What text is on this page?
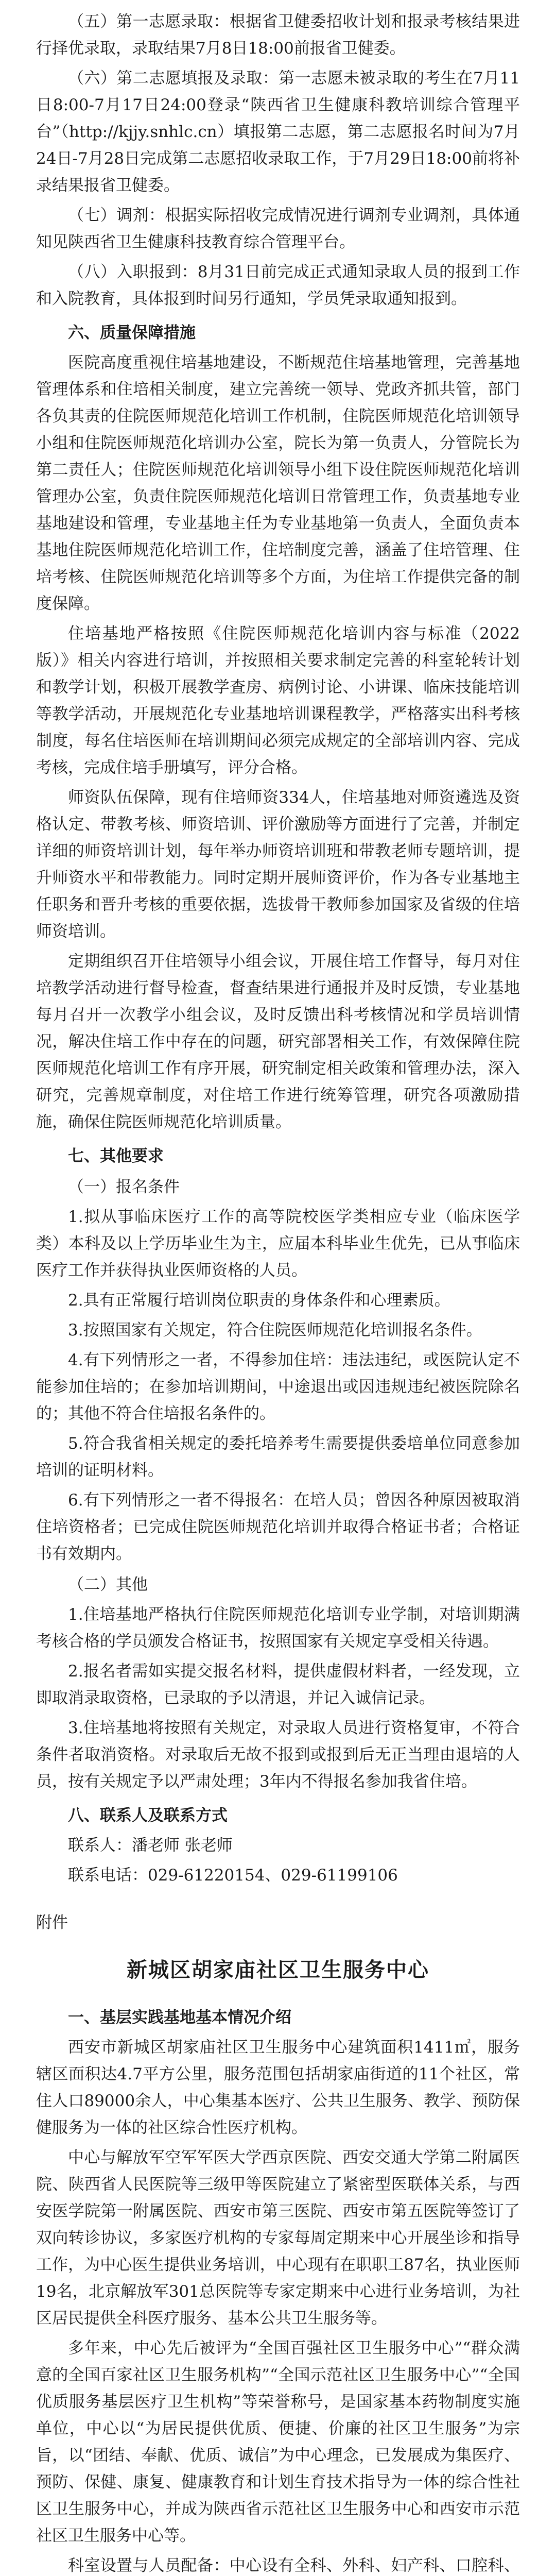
（五）第一志愿录取：根据省卫健委招收计划和报录考核结果进行择优录取，录取结果7月8日18:00前报省卫健委。
（六）第二志愿填报及录取：第一志愿未被录取的考生在7月11日8:00-7月17日24:00登录“陕西省卫生健康科教培训综合管理平台”（http://kjjy.snhlc.cn）填报第二志愿，第二志愿报名时间为7月24日-7月28日完成第二志愿招收录取工作，于7月29日18:00前将补录结果报省卫健委。
（七）调剂：根据实际招收完成情况进行调剂专业调剂，具体通知见陕西省卫生健康科技教育综合管理平台。
（八）入职报到：8月31日前完成正式通知录取人员的报到工作和入院教育，具体报到时间另行通知，学员凭录取通知报到。
六、质量保障措施
医院高度重视住培基地建设，不断规范住培基地管理，完善基地管理体系和住培相关制度，建立完善统一领导、党政齐抓共管，部门各负其责的住院医师规范化培训工作机制，住院医师规范化培训领导小组和住院医师规范化培训办公室，院长为第一负责人，分管院长为第二责任人；住院医师规范化培训领导小组下设住院医师规范化培训管理办公室，负责住院医师规范化培训日常管理工作，负责基地专业基地建设和管理，专业基地主任为专业基地第一负责人，全面负责本基地住院医师规范化培训工作，住培制度完善，涵盖了住培管理、住培考核、住院医师规范化培训等多个方面，为住培工作提供完备的制度保障。
住培基地严格按照《住院医师规范化培训内容与标准（2022版）》相关内容进行培训，并按照相关要求制定完善的科室轮转计划和教学计划，积极开展教学查房、病例讨论、小讲课、临床技能培训等教学活动，开展规范化专业基地培训课程教学，严格落实出科考核制度，每名住培医师在培训期间必须完成规定的全部培训内容、完成考核，完成住培手册填写，评分合格。
师资队伍保障，现有住培师资334人，住培基地对师资遴选及资格认定、带教考核、师资培训、评价激励等方面进行了完善，并制定详细的师资培训计划，每年举办师资培训班和带教老师专题培训，提升师资水平和带教能力。同时定期开展师资评价，作为各专业基地主任职务和晋升考核的重要依据，选拔骨干教师参加国家及省级的住培师资培训。
定期组织召开住培领导小组会议，开展住培工作督导，每月对住培教学活动进行督导检查，督查结果进行通报并及时反馈，专业基地每月召开一次教学小组会议，及时反馈出科考核情况和学员培训情况，解决住培工作中存在的问题，研究部署相关工作，有效保障住院医师规范化培训工作有序开展，研究制定相关政策和管理办法，深入研究，完善规章制度，对住培工作进行统筹管理，研究各项激励措施，确保住院医师规范化培训质量。
七、其他要求
（一）报名条件
1.拟从事临床医疗工作的高等院校医学类相应专业（临床医学类）本科及以上学历毕业生为主，应届本科毕业生优先，已从事临床医疗工作并获得执业医师资格的人员。
2.具有正常履行培训岗位职责的身体条件和心理素质。
3.按照国家有关规定，符合住院医师规范化培训报名条件。
4.有下列情形之一者，不得参加住培：违法违纪，或医院认定不能参加住培的；在参加培训期间，中途退出或因违规违纪被医院除名的；其他不符合住培报名条件的。
5.符合我省相关规定的委托培养考生需要提供委培单位同意参加培训的证明材料。
6.有下列情形之一者不得报名：在培人员；曾因各种原因被取消住培资格者；已完成住院医师规范化培训并取得合格证书者；合格证书有效期内。
（二）其他
1.住培基地严格执行住院医师规范化培训专业学制，对培训期满考核合格的学员颁发合格证书，按照国家有关规定享受相关待遇。
2.报名者需如实提交报名材料，提供虚假材料者，一经发现，立即取消录取资格，已录取的予以清退，并记入诚信记录。
3.住培基地将按照有关规定，对录取人员进行资格复审，不符合条件者取消资格。对录取后无故不报到或报到后无正当理由退培的人员，按有关规定予以严肃处理；3年内不得报名参加我省住培。
八、联系人及联系方式
联系人：潘老师 张老师
联系电话：029-61220154、029-61199106
附件
新城区胡家庙社区卫生服务中心
一、基层实践基地基本情况介绍
西安市新城区胡家庙社区卫生服务中心建筑面积1411㎡，服务辖区面积达4.7平方公里，服务范围包括胡家庙街道的11个社区，常住人口89000余人，中心集基本医疗、公共卫生服务、教学、预防保健服务为一体的社区综合性医疗机构。
中心与解放军空军军医大学西京医院、西安交通大学第二附属医院、陕西省人民医院等三级甲等医院建立了紧密型医联体关系，与西安医学院第一附属医院、西安市第三医院、西安市第五医院等签订了双向转诊协议，多家医疗机构的专家每周定期来中心开展坐诊和指导工作，为中心医生提供业务培训，中心现有在职职工87名，执业医师19名，北京解放军301总医院等专家定期来中心进行业务培训，为社区居民提供全科医疗服务、基本公共卫生服务等。
多年来，中心先后被评为“全国百强社区卫生服务中心”“群众满意的全国百家社区卫生服务机构”“全国示范社区卫生服务中心”“全国优质服务基层医疗卫生机构”等荣誉称号，是国家基本药物制度实施单位，中心以“为居民提供优质、便捷、价廉的社区卫生服务”为宗旨，以“团结、奉献、优质、诚信”为中心理念，已发展成为集医疗、预防、保健、康复、健康教育和计划生育技术指导为一体的综合性社区卫生服务中心，并成为陕西省示范社区卫生服务中心和西安市示范社区卫生服务中心等。
科室设置与人员配备：中心设有全科、外科、妇产科、口腔科、
